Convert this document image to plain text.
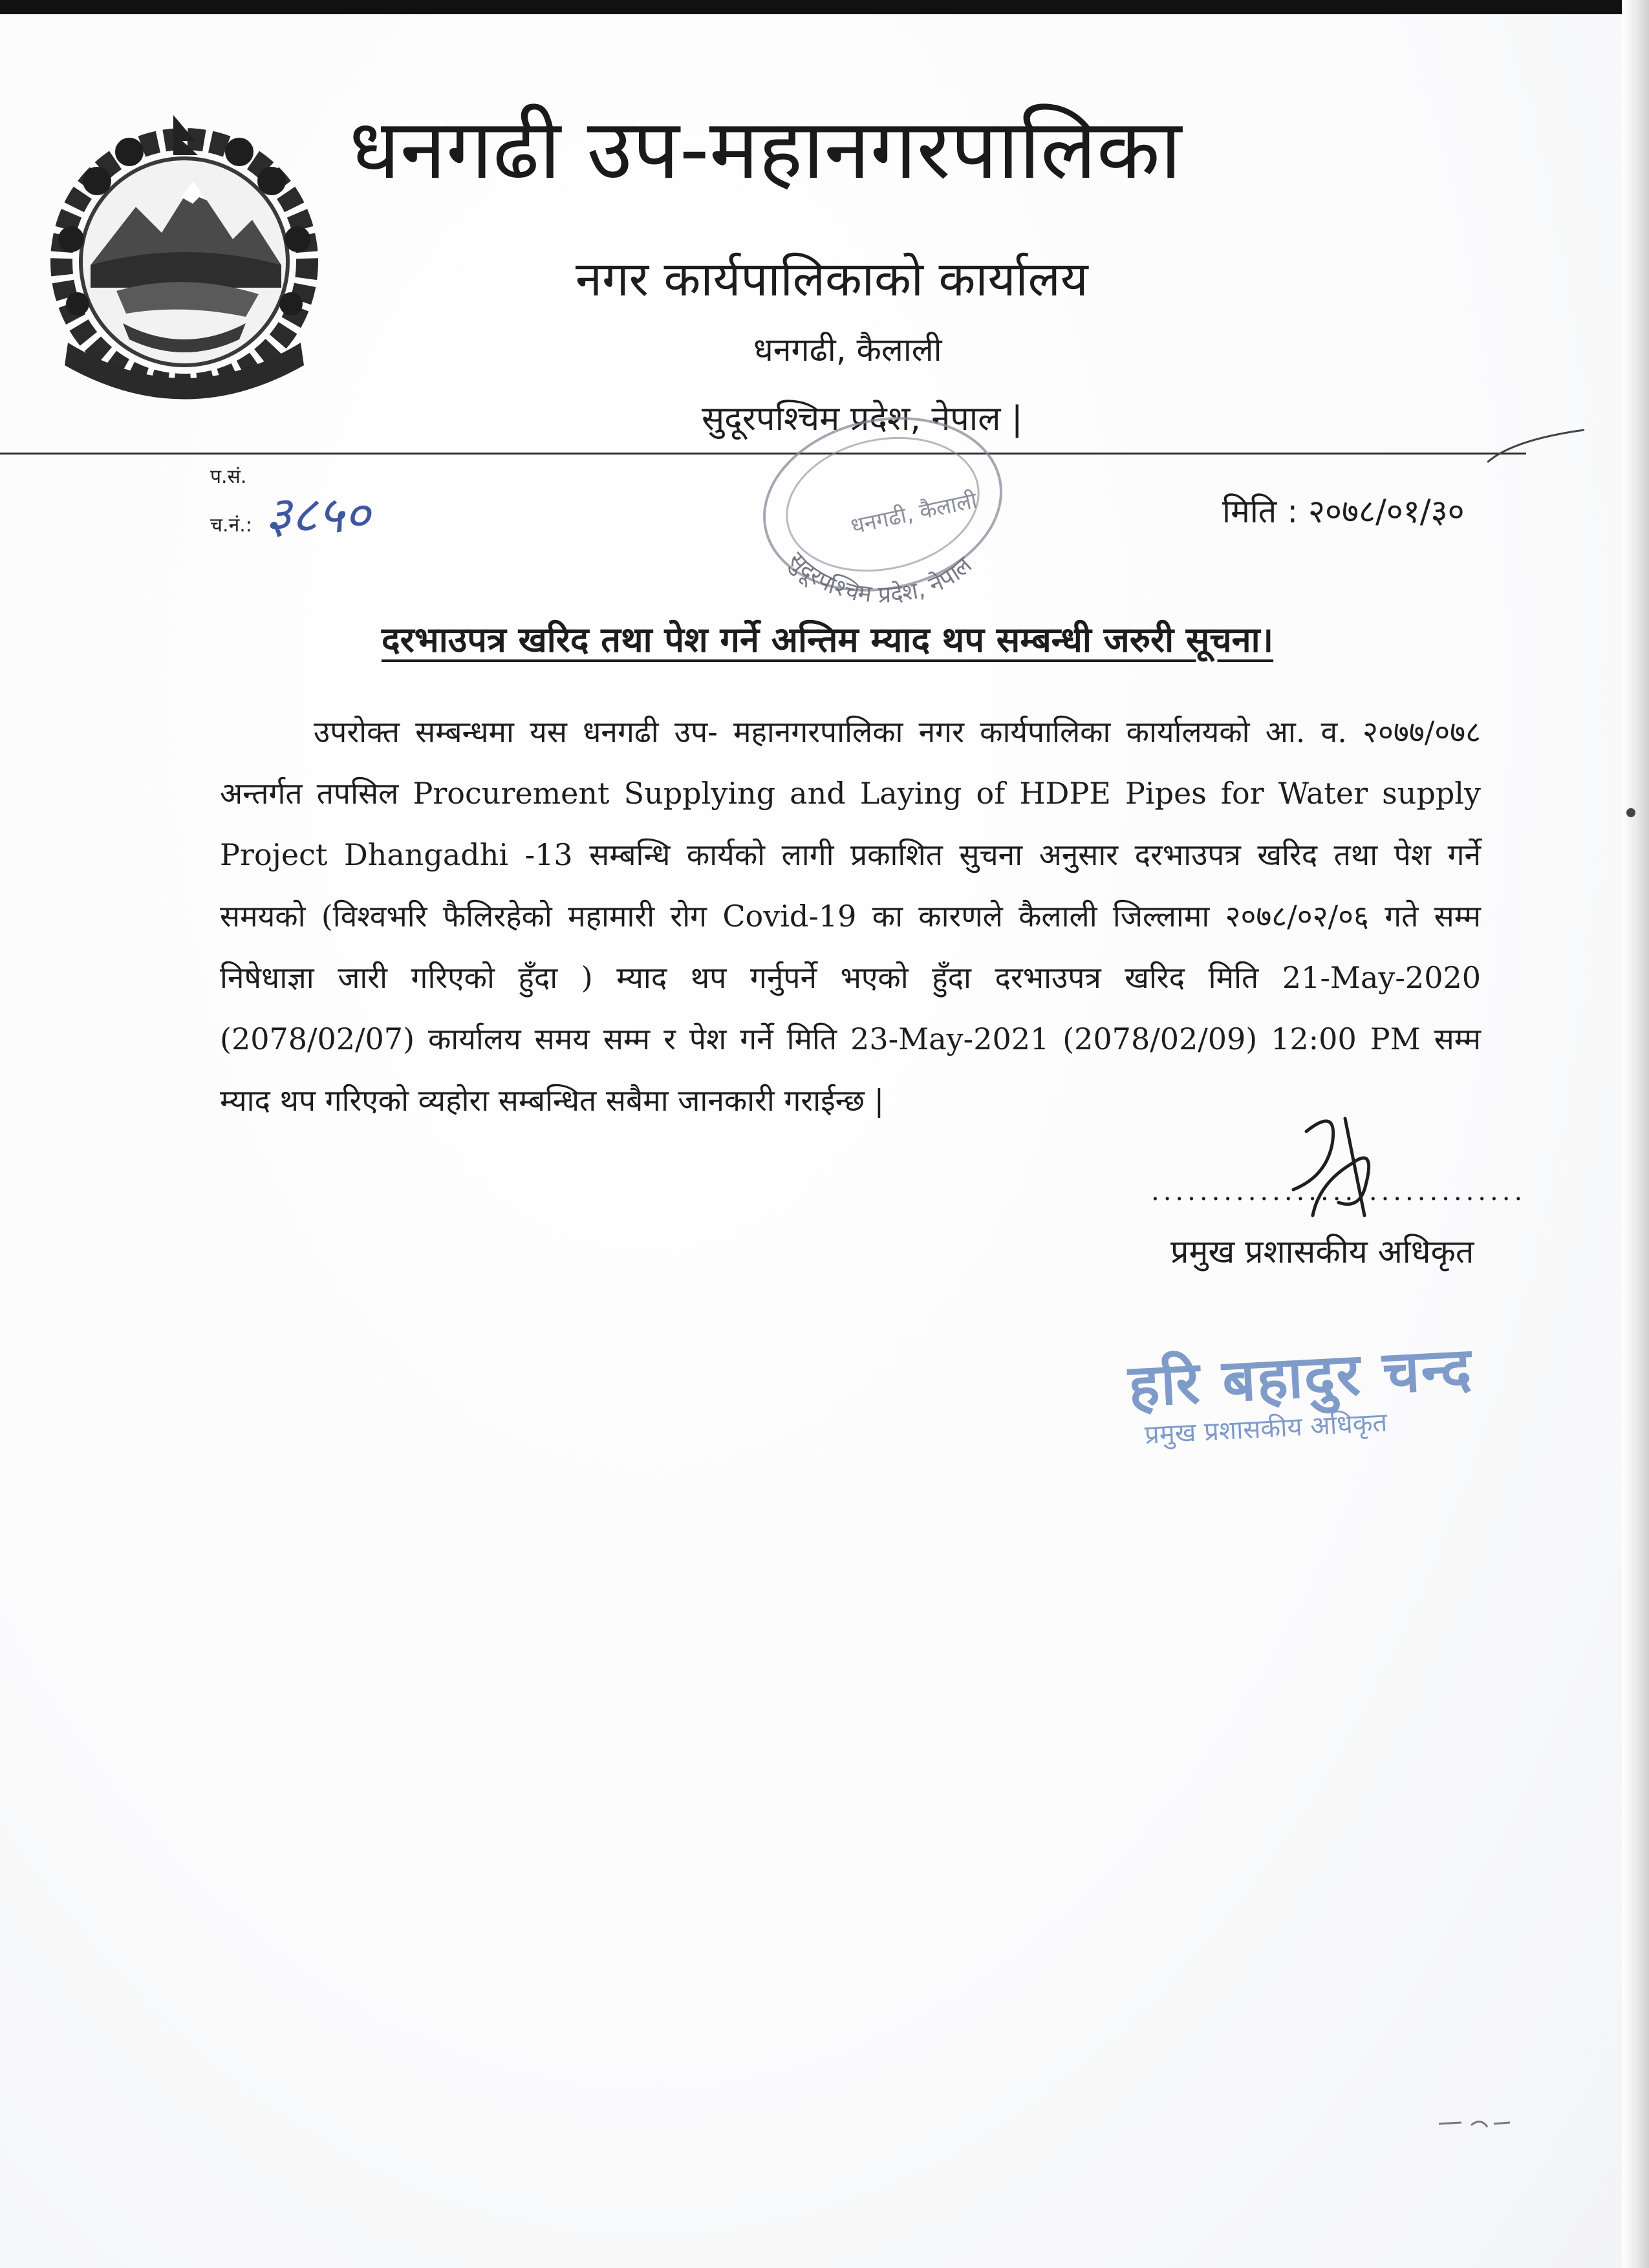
धनगढी उप-महानगरपालिका
नगर कार्यपालिकाको कार्यालय
धनगढी, कैलाली
सुदूरपश्चिम प्रदेश, नेपाल |
प.सं.
च.नं.: ३८५०	मिति : २०७८/०१/३०
धनगढी, कैलाली
सुदूरपश्चिम प्रदेश, नेपाल
दरभाउपत्र खरिद तथा पेश गर्ने अन्तिम म्याद थप सम्बन्धी जरुरी सूचना।

उपरोक्त सम्बन्धमा यस धनगढी उप- महानगरपालिका नगर कार्यपालिका कार्यालयको आ. व. २०७७/०७८ अन्तर्गत तपसिल Procurement Supplying and Laying of HDPE Pipes for Water supply Project Dhangadhi -13 सम्बन्धि कार्यको लागी प्रकाशित सुचना अनुसार दरभाउपत्र खरिद तथा पेश गर्ने समयको (विश्वभरि फैलिरहेको महामारी रोग Covid-19 का कारणले कैलाली जिल्लामा २०७८/०२/०६ गते सम्म निषेधाज्ञा जारी गरिएको हुँदा ) म्याद थप गर्नुपर्ने भएको हुँदा दरभाउपत्र खरिद मिति 21-May-2020 (2078/02/07) कार्यालय समय सम्म र पेश गर्ने मिति 23-May-2021 (2078/02/09) 12:00 PM सम्म म्याद थप गरिएको व्यहोरा सम्बन्धित सबैमा जानकारी गराईन्छ |

...............................
प्रमुख प्रशासकीय अधिकृत
हरि बहादुर चन्द
प्रमुख प्रशासकीय अधिकृत
